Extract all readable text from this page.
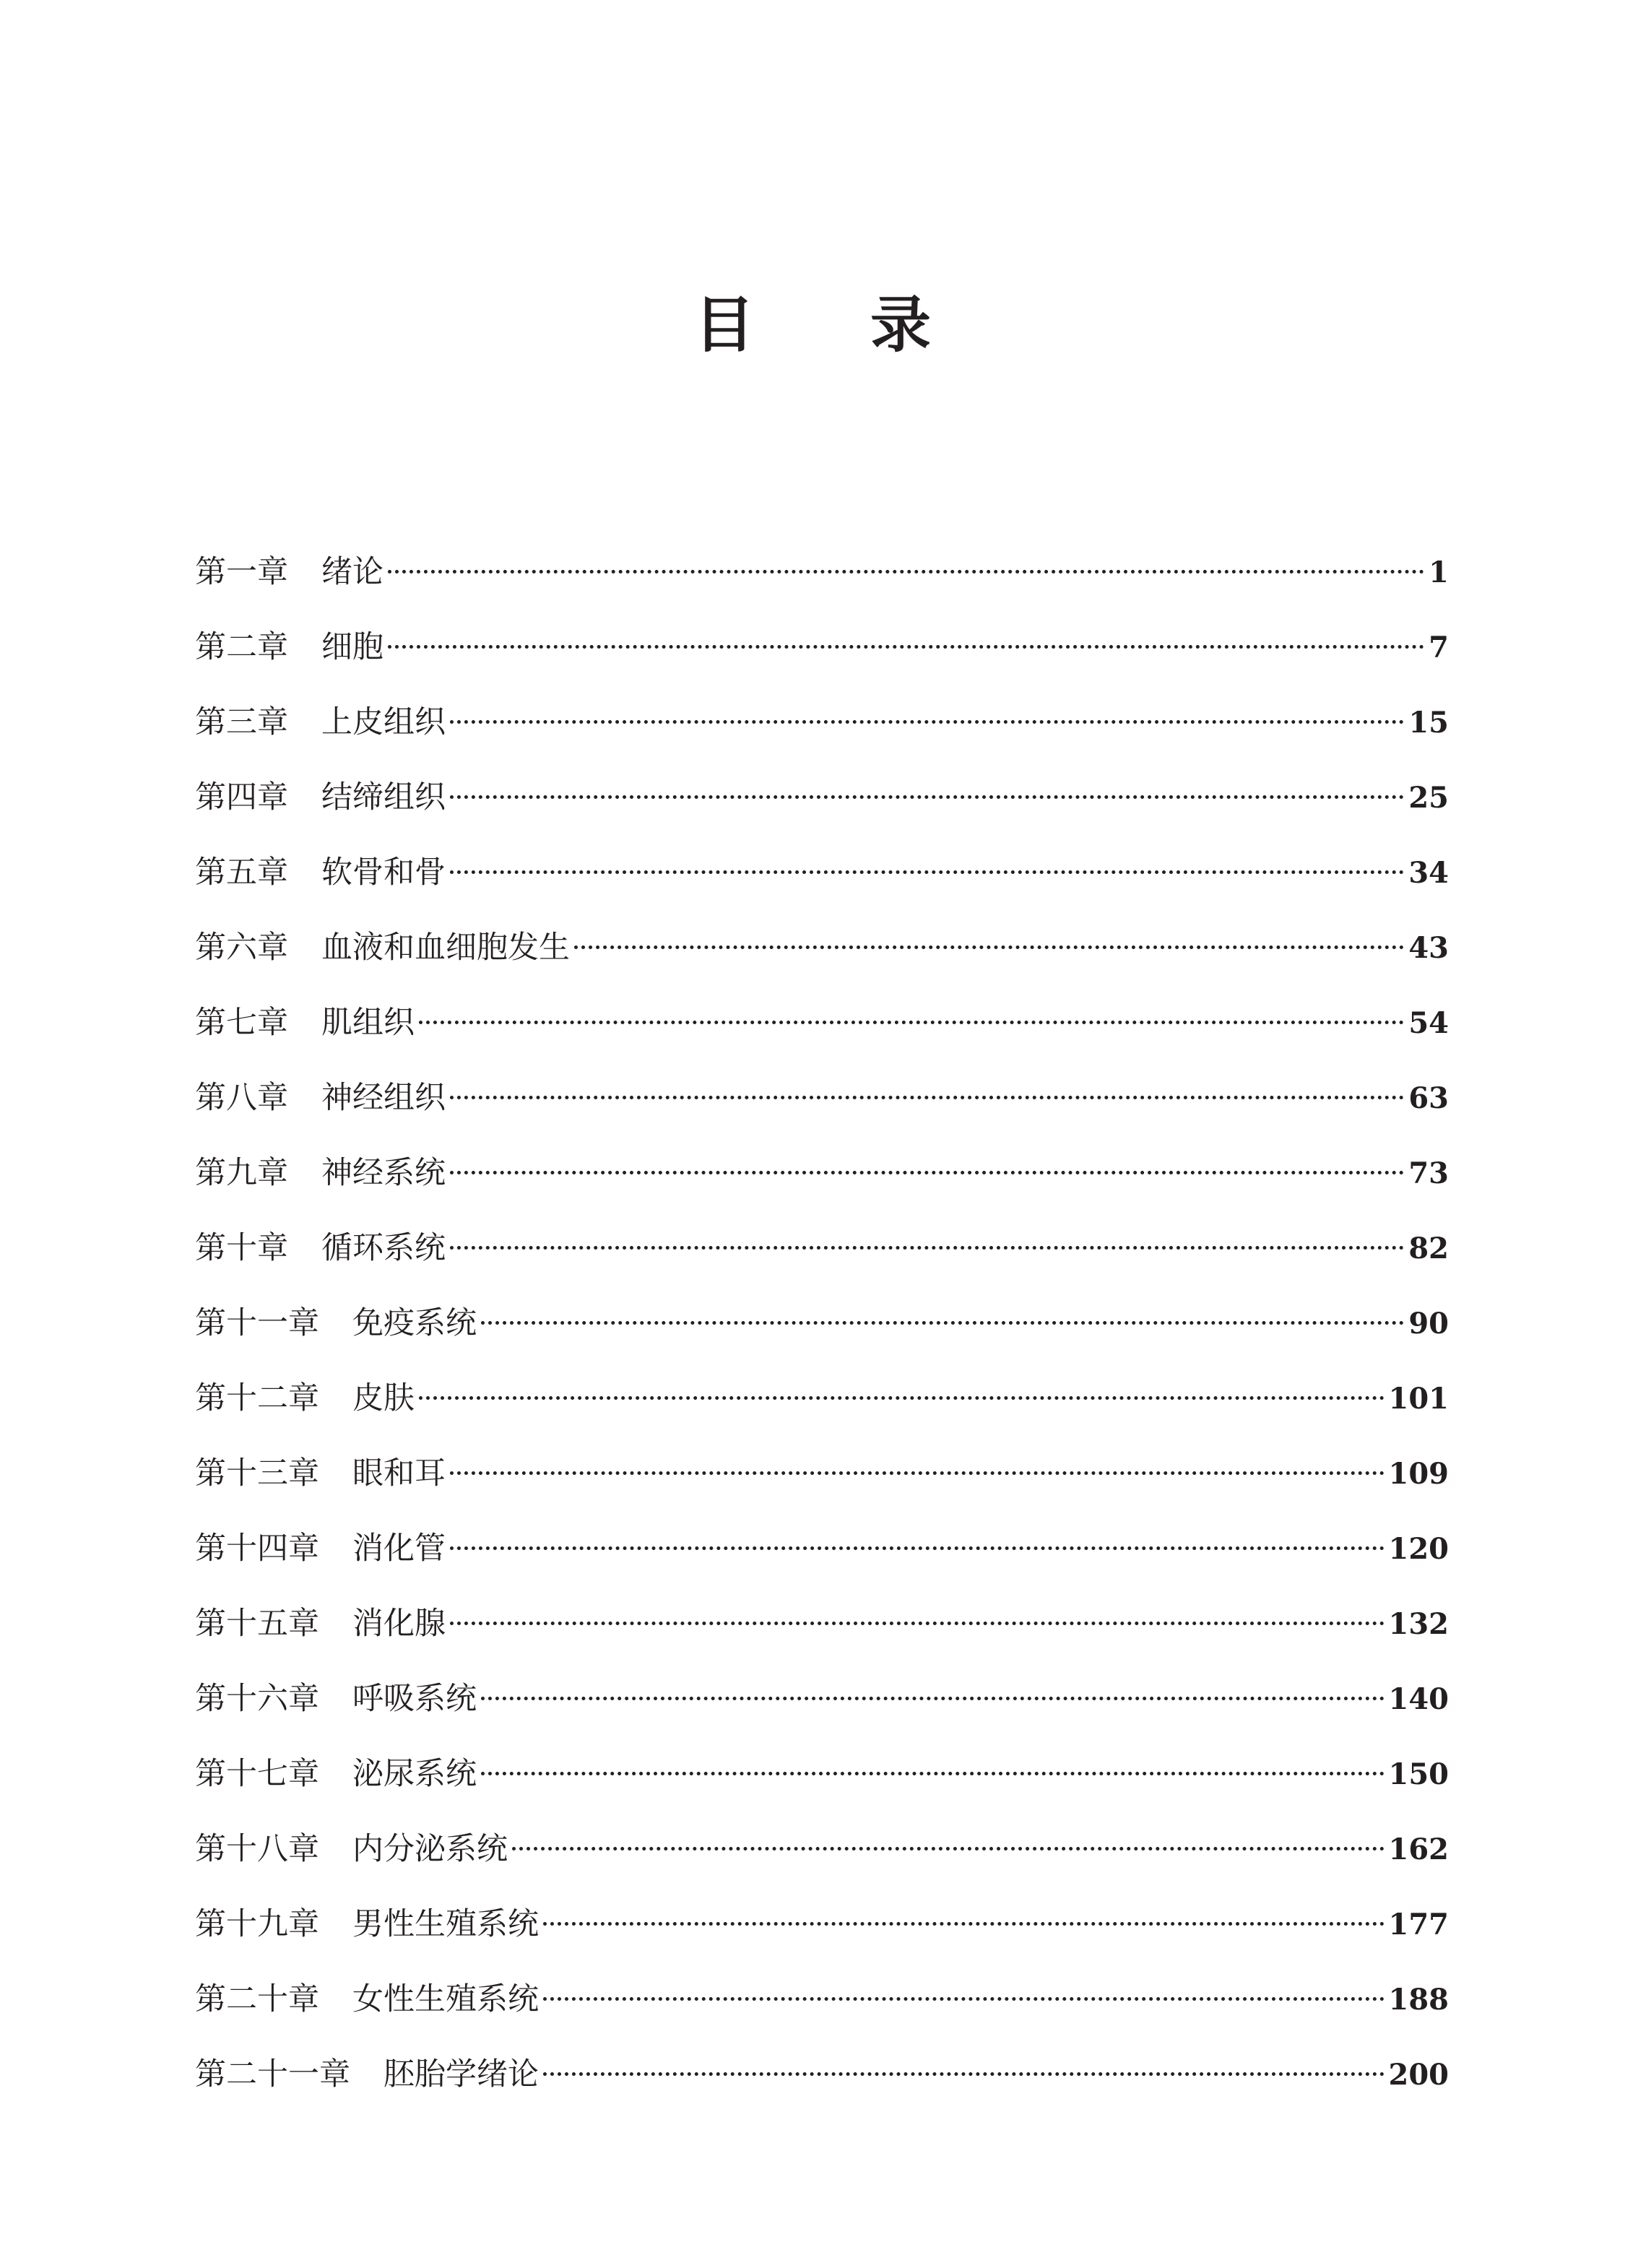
目 录
第一章 绪论	1
第二章 细胞	7
第三章 上皮组织	15
第四章 结缔组织	25
第五章 软骨和骨	34
第六章 血液和血细胞发生	43
第七章 肌组织	54
第八章 神经组织	63
第九章 神经系统	73
第十章 循环系统	82
第十一章 免疫系统	90
第十二章 皮肤	101
第十三章 眼和耳	109
第十四章 消化管	120
第十五章 消化腺	132
第十六章 呼吸系统	140
第十七章 泌尿系统	150
第十八章 内分泌系统	162
第十九章 男性生殖系统	177
第二十章 女性生殖系统	188
第二十一章 胚胎学绪论	200
